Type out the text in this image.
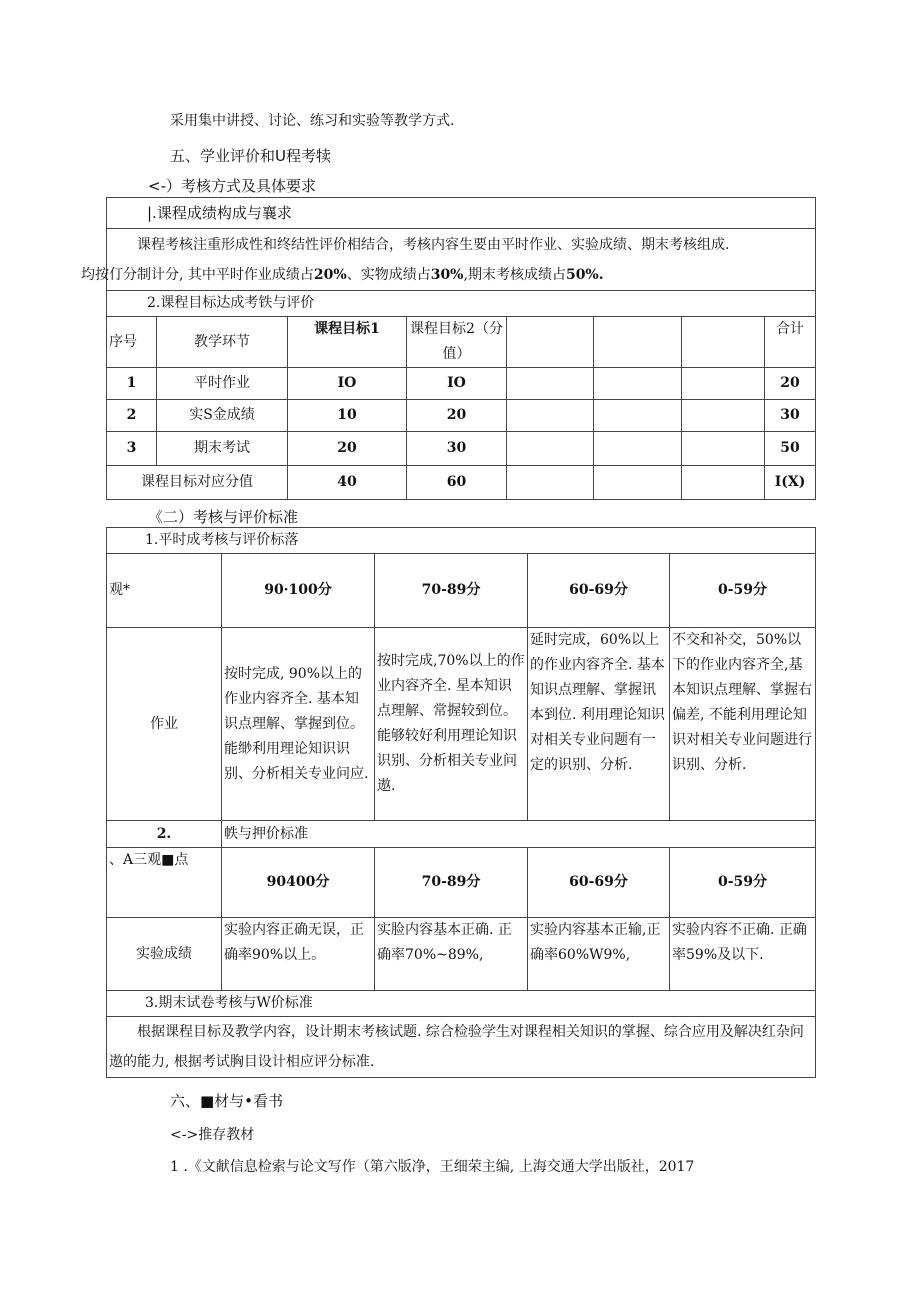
采用集中讲授、讨论、练习和实验等教学方式.
五、学业评价和U程考犊
<-）考核方式及具体要求
|.课程成绩构成与襄求							
课程考核注重形成性和终结性评价相结合，考核内容生要由平时作业、实验成绩、期末考核组成.
均按仃分制计分, 其中平时作业成绩占20%、实物成绩占30%,期末考核成绩占50%.							
2.课程目标达成考铁与评价							
序号	教学环节	课程目标1	课程目标2（分值）				合计
1	平时作业	IO	IO				20
2	实S金成绩	10	20				30
3	期末考试	20	30				50
课程目标对应分值		40	60				I(X)
《二）考核与评价标准
1.平时成考核与评价标落				
观*	90·100分	70-89分	60-69分	0-59分
作业	按时完成, 90%以上的作业内容齐全. 基本知识点理解、掌握到位。能缈利用理论知识识别、分析相关专业问应.	按时完成,70%以上的作业内容齐全. 星本知识点理解、常握较到位。能够较好利用理论知识识别、分析相关专业问遨.	延时完成，60%以上的作业内容齐全. 基本知识点理解、掌握讯本到位. 利用理论知识对相关专业问题有一定的识别、分析.	不交和补交，50%以下的作业内容齐全,基本知识点理解、掌握右偏差, 不能利用理论知识对相关专业问题进行识别、分析.
2.	帙与押价标准			
、A三观■点	90400分	70-89分	60-69分	0-59分
实验成绩	实验内容正确无误，正确率90%以上。	实脸内容基本正确. 正确率70%~89%,	实验内容基本正输,正确率60%W9%,	实验内容不正确. 正确率59%及以下.
3.期末试卷考核与W价标准				
根据课程目标及教学内容，设计期末考核试题. 综合检验学生对课程相关知识的掌握、综合应用及解决红杂问遨的能力, 根据考试胸目设计相应评分标准.				
六、■材与•看书
<->推存教材
1 .《文献信息检索与论文写作（第六版净，王细荣主编, 上海交通大学出版社，2017
